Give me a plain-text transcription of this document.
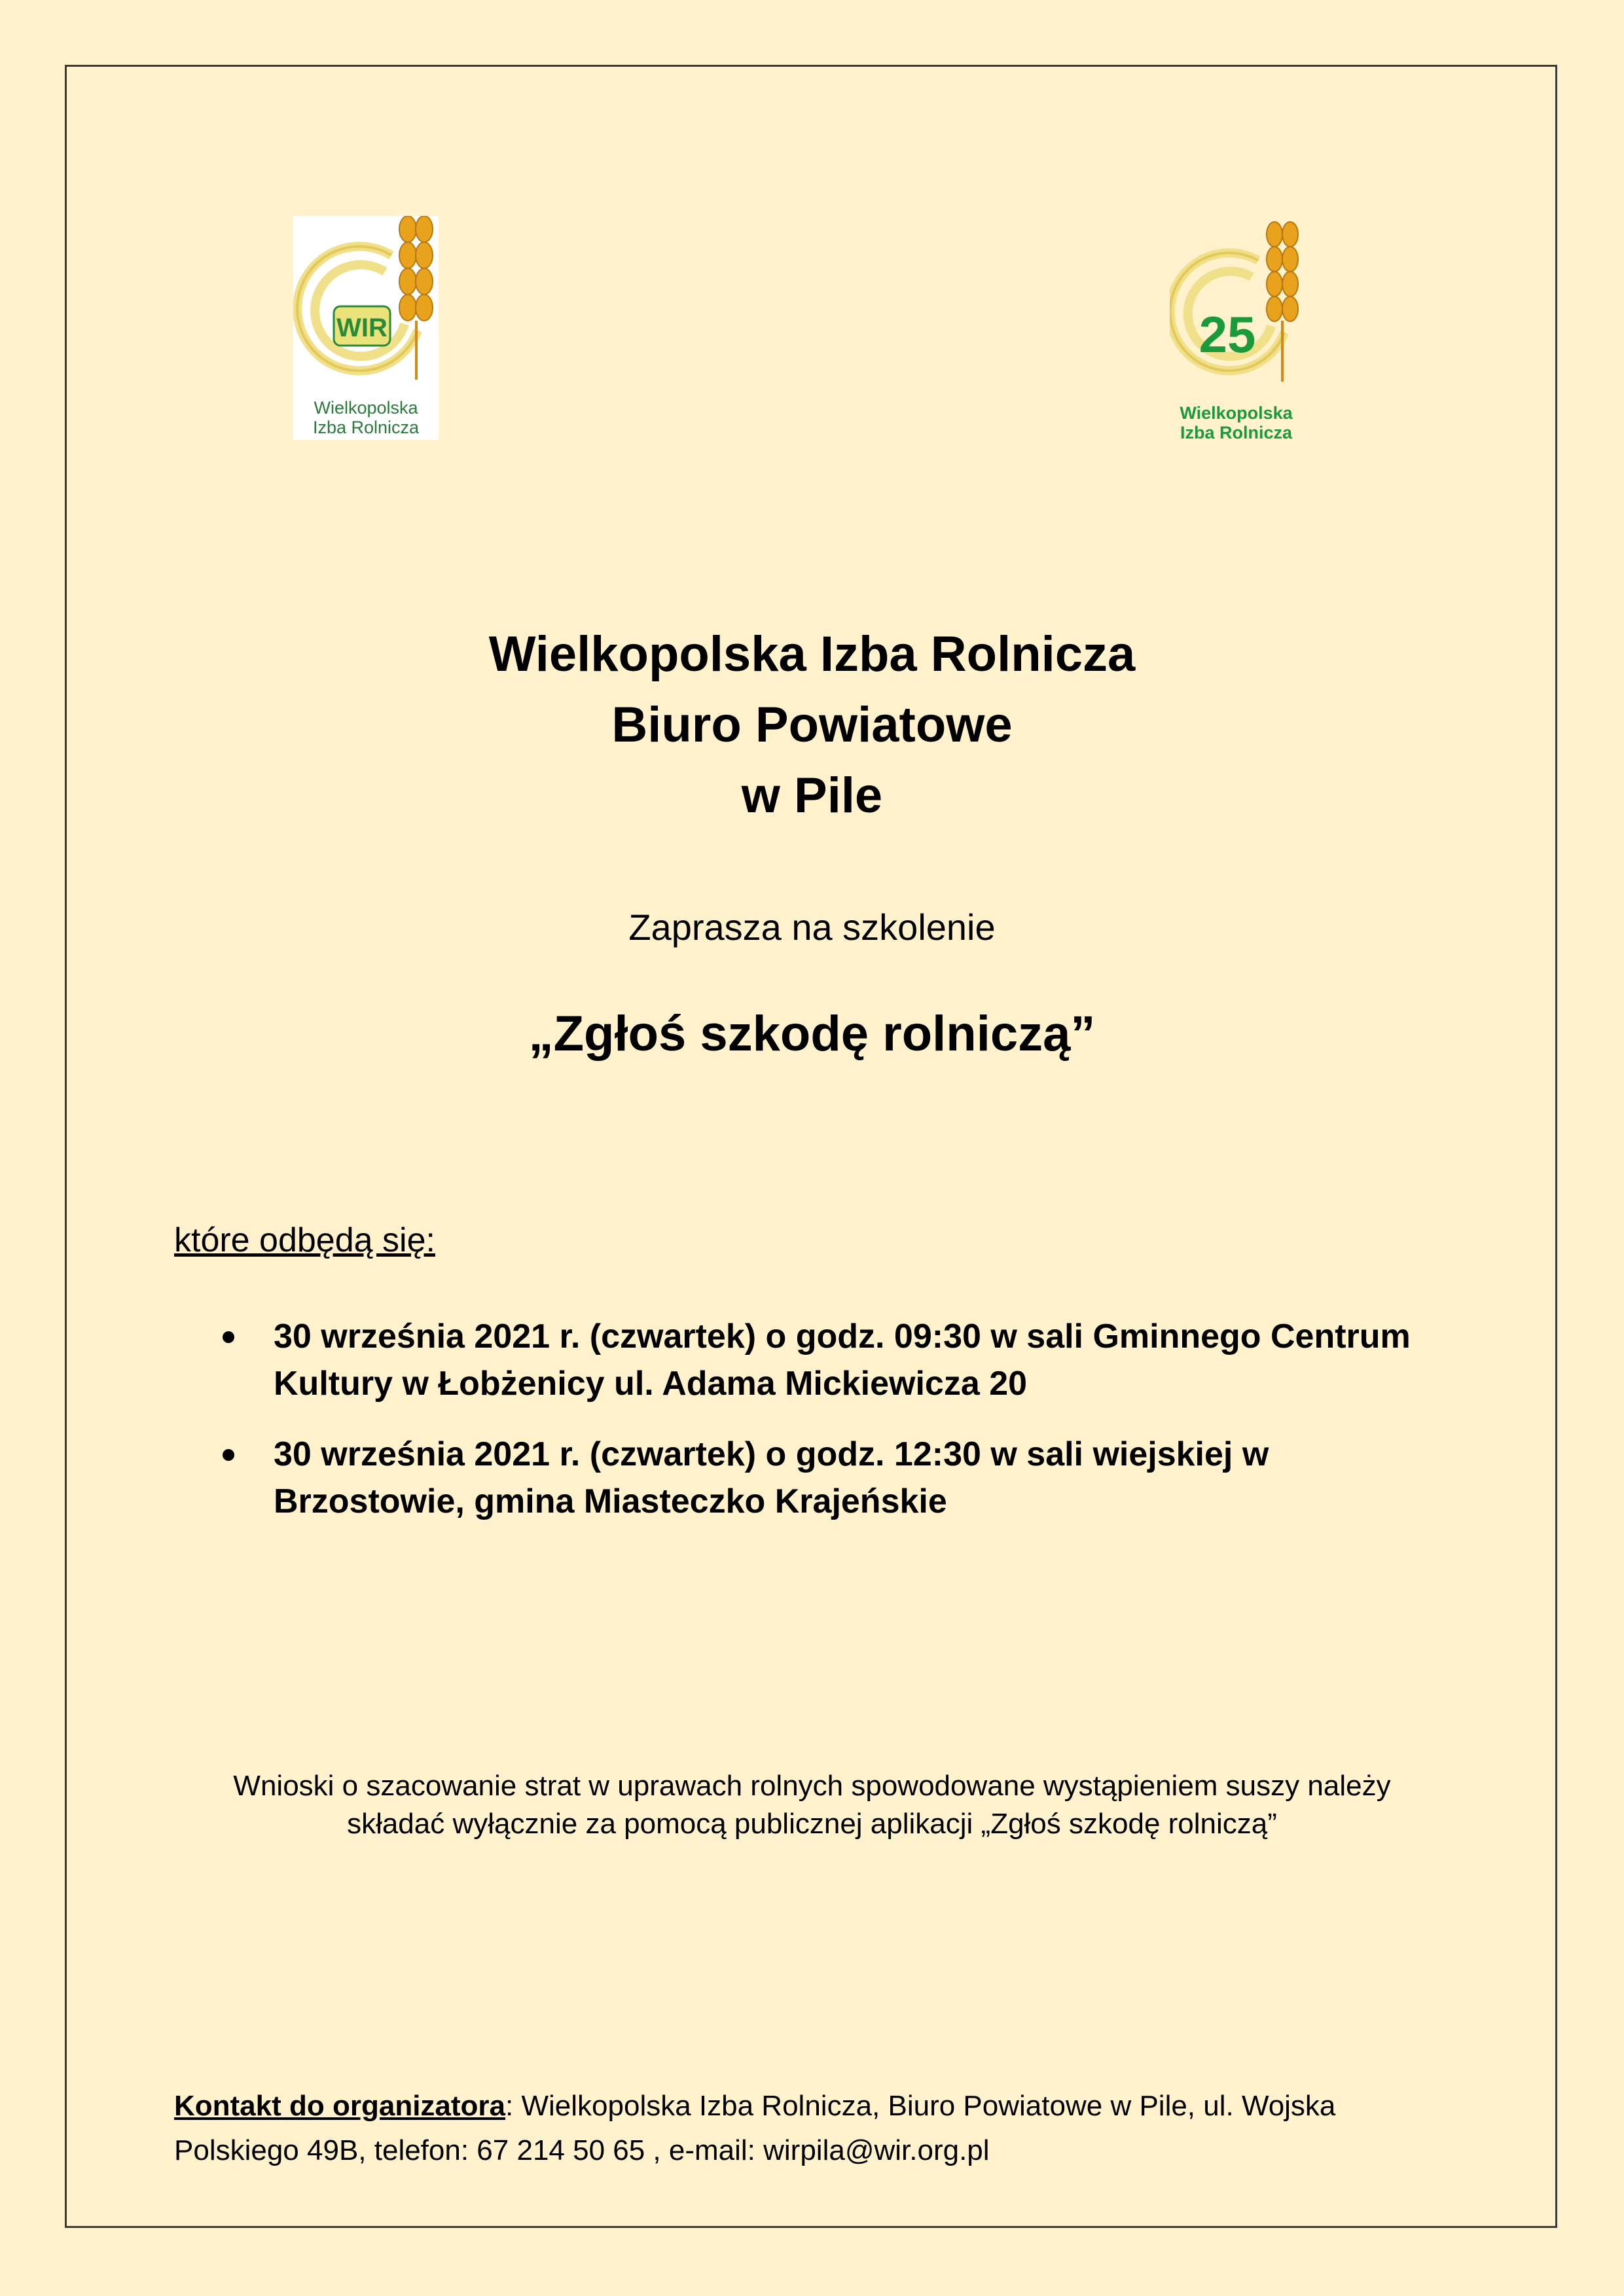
WIR
Wielkopolska
Izba Rolnicza
25
Wielkopolska
Izba Rolnicza
Wielkopolska Izba Rolnicza
Biuro Powiatowe
w Pile
Zaprasza na szkolenie
„Zgłoś szkodę rolniczą”
które odbędą się:
30 września 2021 r. (czwartek) o godz. 09:30 w sali Gminnego Centrum
Kultury w Łobżenicy ul. Adama Mickiewicza 20
30 września 2021 r. (czwartek) o godz. 12:30 w sali wiejskiej w
Brzostowie, gmina Miasteczko Krajeńskie
Wnioski o szacowanie strat w uprawach rolnych spowodowane wystąpieniem suszy należy
składać wyłącznie za pomocą publicznej aplikacji „Zgłoś szkodę rolniczą”
Kontakt do organizatora: Wielkopolska Izba Rolnicza, Biuro Powiatowe w Pile, ul. Wojska
Polskiego 49B, telefon: 67 214 50 65 , e-mail: wirpila@wir.org.pl
